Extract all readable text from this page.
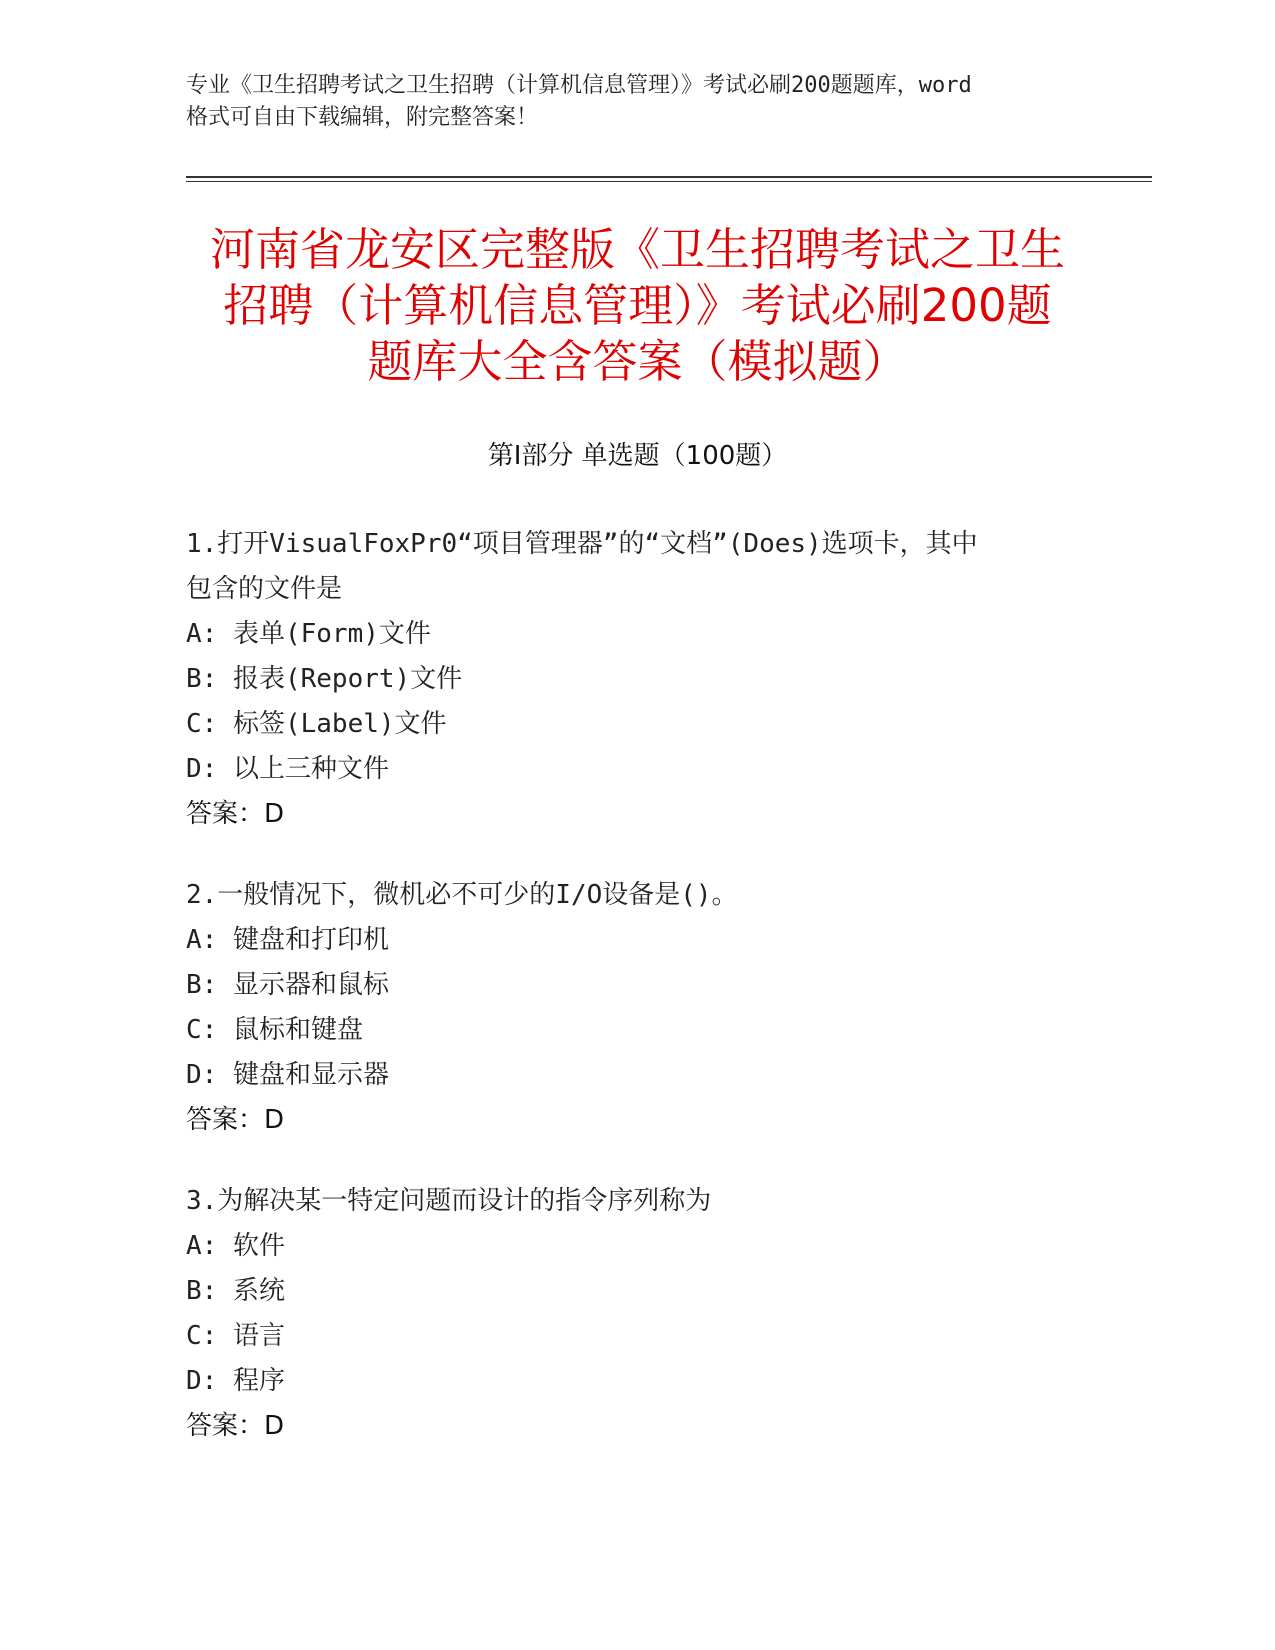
专业《卫生招聘考试之卫生招聘（计算机信息管理）》考试必刷200题题库，word
格式可自由下载编辑，附完整答案！
河南省龙安区完整版《卫生招聘考试之卫生
招聘（计算机信息管理）》考试必刷200题
题库大全含答案（模拟题）
第Ⅰ部分 单选题（100题）
1.打开VisualFoxPr0“项目管理器”的“文档”(Does)选项卡，其中
包含的文件是
A: 表单(Form)文件
B: 报表(Report)文件
C: 标签(Label)文件
D: 以上三种文件
答案：D
2.一般情况下，微机必不可少的I/O设备是()。
A: 键盘和打印机
B: 显示器和鼠标
C: 鼠标和键盘
D: 键盘和显示器
答案：D
3.为解决某一特定问题而设计的指令序列称为
A: 软件
B: 系统
C: 语言
D: 程序
答案：D
